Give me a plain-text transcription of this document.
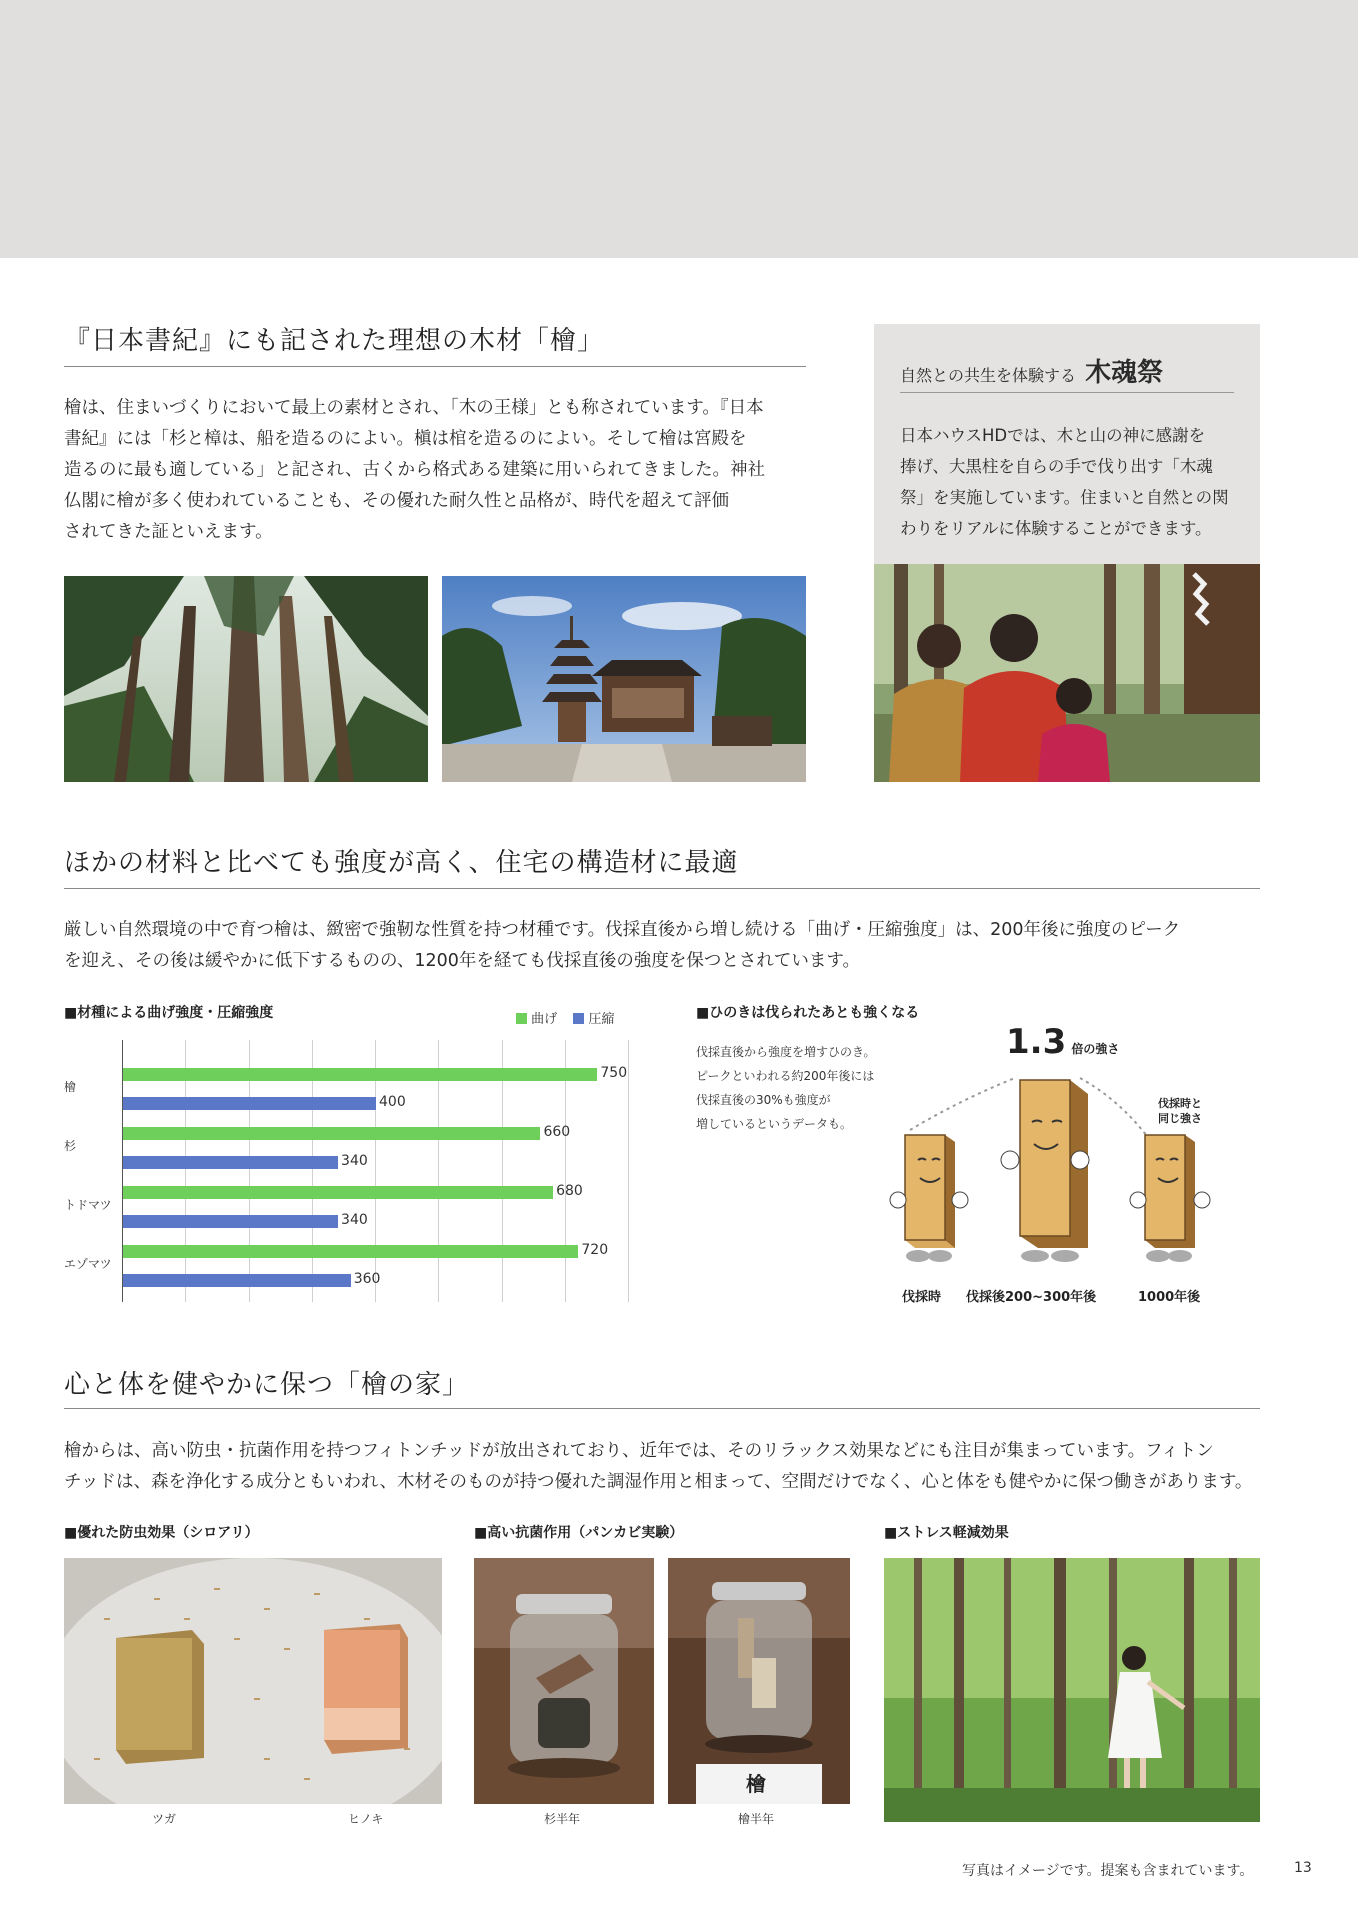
『日本書紀』にも記された理想の木材「檜」
檜は、住まいづくりにおいて最上の素材とされ、「木の王様」とも称されています。『日本
書紀』には「杉と樟は、船を造るのによい。槇は棺を造るのによい。そして檜は宮殿を
造るのに最も適している」と記され、古くから格式ある建築に用いられてきました。神社
仏閣に檜が多く使われていることも、その優れた耐久性と品格が、時代を超えて評価
されてきた証といえます。
自然との共生を体験する 木魂祭
日本ハウスHDでは、木と山の神に感謝を
捧げ、大黒柱を自らの手で伐り出す「木魂
祭」を実施しています。住まいと自然との関
わりをリアルに体験することができます。
ほかの材料と比べても強度が高く、住宅の構造材に最適
厳しい自然環境の中で育つ檜は、緻密で強靭な性質を持つ材種です。伐採直後から増し続ける「曲げ・圧縮強度」は、200年後に強度のピーク
を迎え、その後は緩やかに低下するものの、1200年を経ても伐採直後の強度を保つとされています。
■材種による曲げ強度・圧縮強度	曲げ 圧縮
檜
750
400
杉
660
340
トドマツ
680
340
エゾマツ
720
360
■ひのきは伐られたあとも強くなる
伐採直後から強度を増すひのき。
ピークといわれる約200年後には
伐採直後の30%も強度が
増しているというデータも。
1.3 倍の強さ
伐採時と
同じ強さ
伐採時 伐採後200~300年後	1000年後
心と体を健やかに保つ「檜の家」
檜からは、高い防虫・抗菌作用を持つフィトンチッドが放出されており、近年では、そのリラックス効果などにも注目が集まっています。フィトン
チッドは、森を浄化する成分ともいわれ、木材そのものが持つ優れた調湿作用と相まって、空間だけでなく、心と体をも健やかに保つ働きがあります。
■優れた防虫効果（シロアリ）	■高い抗菌作用（パンカビ実験）	■ストレス軽減効果
ツガ	ヒノキ
檜
杉半年	檜半年
写真はイメージです。提案も含まれています。	13
